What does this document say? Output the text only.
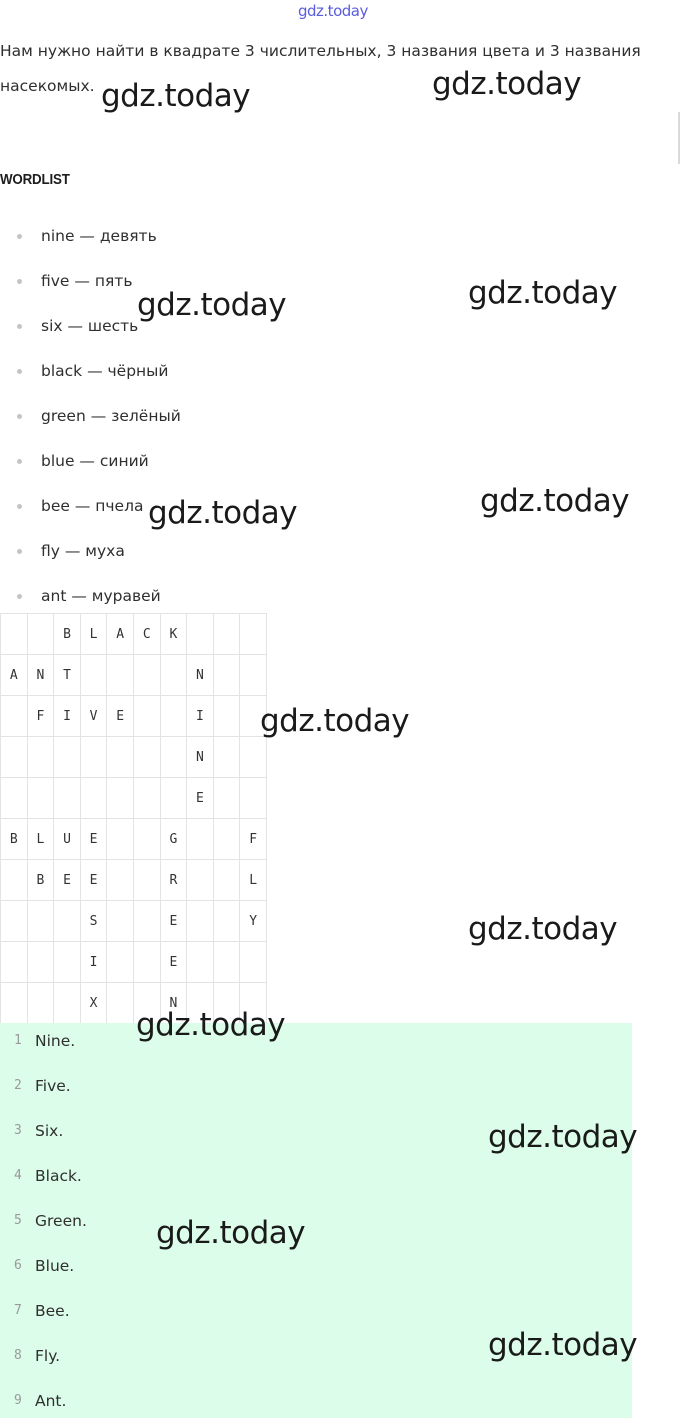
gdz.today
Нам нужно найти в квадрате 3 числительных, 3 названия цвета и 3 названия насекомых.
WORDLIST
nine — девять
five — пять
six — шесть
black — чёрный
green — зелёный
blue — синий
bee — пчела
fly — муха
ant — муравей
		B	L	A	C	K			
A	N	T					N		
	F	I	V	E			I		
							N		
							E		
B	L	U	E			G			F
	B	E	E			R			L
			S			E			Y
			I			E			
			X			N			
1 Nine.
2 Five.
3 Six.
4 Black.
5 Green.
6 Blue.
7 Bee.
8 Fly.
9 Ant.
gdz.today	gdz.today
gdz.today	gdz.today
gdz.today	gdz.today
gdz.today
gdz.today
gdz.today
gdz.today
gdz.today
gdz.today
